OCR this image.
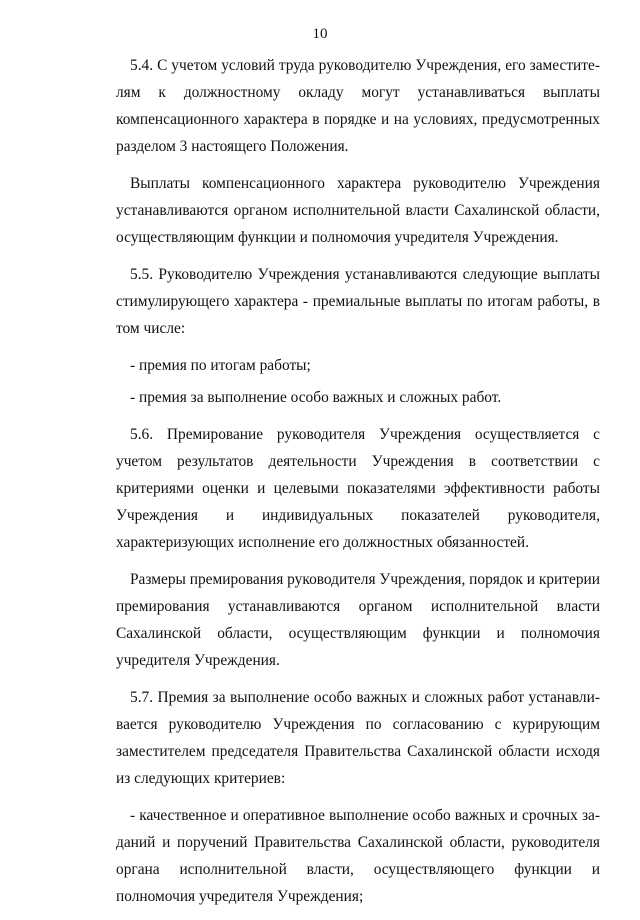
10

5.4. С учетом условий труда руководителю Учреждения, его заместителям к должностному окладу могут устанавливаться выплаты компенсационного характера в порядке и на условиях, предусмотренных разделом 3 настоящего Положения.

Выплаты компенсационного характера руководителю Учреждения устанавливаются органом исполнительной власти Сахалинской области, осуществляющим функции и полномочия учредителя Учреждения.

5.5. Руководителю Учреждения устанавливаются следующие выплаты стимулирующего характера - премиальные выплаты по итогам работы, в том числе:

- премия по итогам работы;

- премия за выполнение особо важных и сложных работ.

5.6. Премирование руководителя Учреждения осуществляется с учетом результатов деятельности Учреждения в соответствии с критериями оценки и целевыми показателями эффективности работы Учреждения и индивидуальных показателей руководителя, характеризующих исполнение его должностных обязанностей.

Размеры премирования руководителя Учреждения, порядок и критерии премирования устанавливаются органом исполнительной власти Сахалинской области, осуществляющим функции и полномочия учредителя Учреждения.

5.7. Премия за выполнение особо важных и сложных работ устанавливается руководителю Учреждения по согласованию с курирующим заместителем председателя Правительства Сахалинской области исходя из следующих критериев:

- качественное и оперативное выполнение особо важных и срочных заданий и поручений Правительства Сахалинской области, руководителя органа исполнительной власти, осуществляющего функции и полномочия учредителя Учреждения;
